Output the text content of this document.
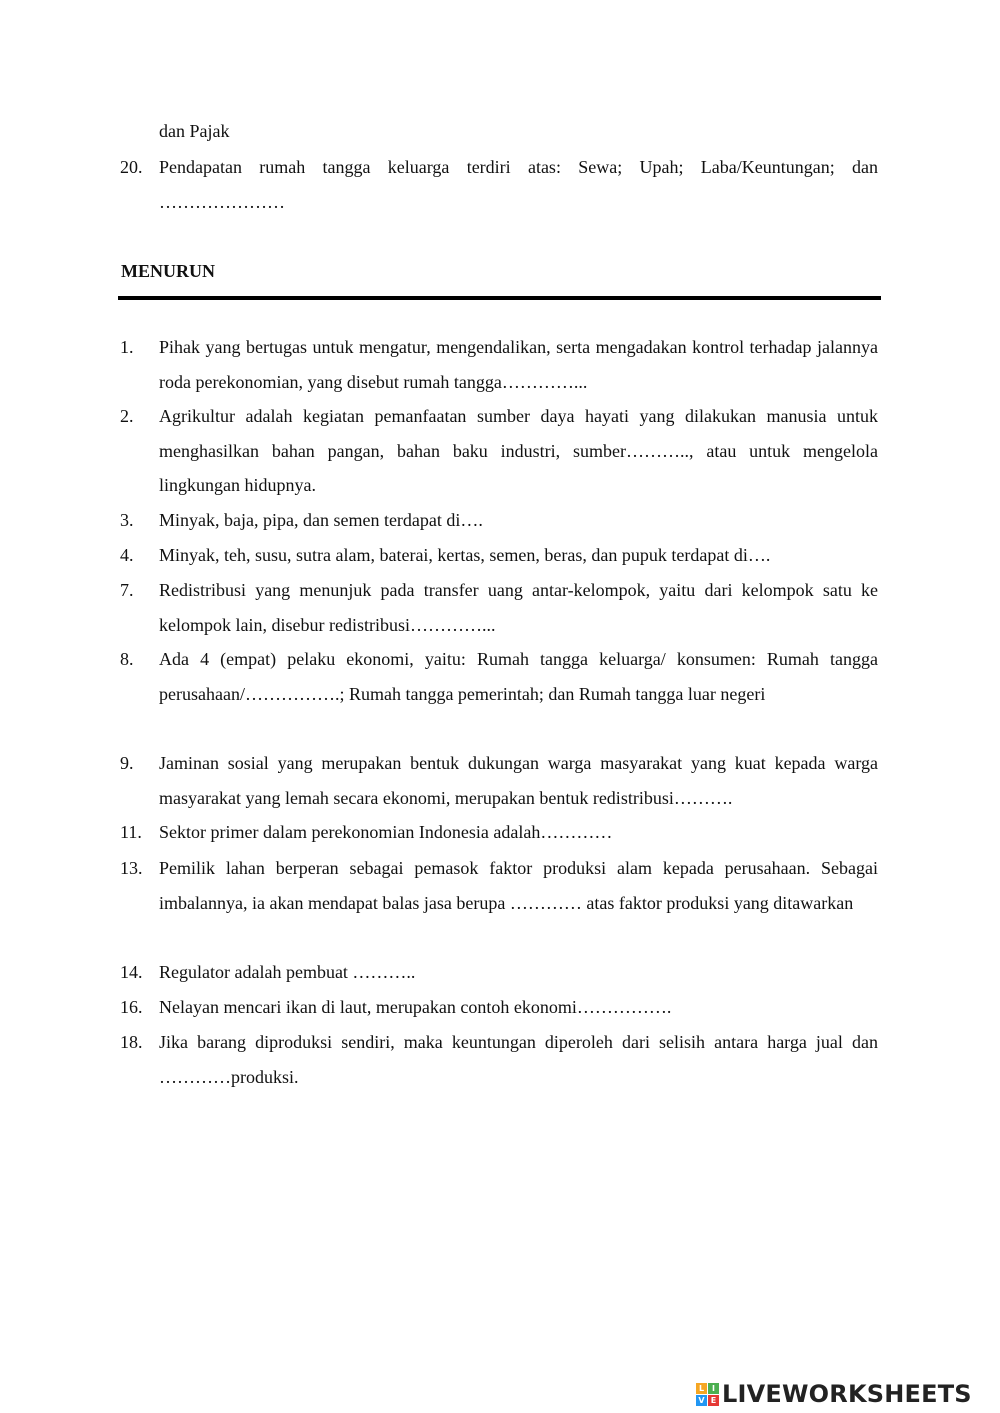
dan Pajak
20. Pendapatan rumah tangga keluarga terdiri atas: Sewa; Upah; Laba/Keuntungan; dan …………………
MENURUN
1.	Pihak yang bertugas untuk mengatur, mengendalikan, serta mengadakan kontrol terhadap jalannya roda perekonomian, yang disebut rumah tangga…………...
2.	Agrikultur adalah kegiatan pemanfaatan sumber daya hayati yang dilakukan manusia untuk menghasilkan bahan pangan, bahan baku industri, sumber……….., atau untuk mengelola lingkungan hidupnya.
3.	Minyak, baja, pipa, dan semen terdapat di….
4.	Minyak, teh, susu, sutra alam, baterai, kertas, semen, beras, dan pupuk terdapat di….
7.	Redistribusi yang menunjuk pada transfer uang antar-kelompok, yaitu dari kelompok satu ke kelompok lain, disebur redistribusi…………...
8.	Ada 4 (empat) pelaku ekonomi, yaitu: Rumah tangga keluarga/ konsumen: Rumah tangga perusahaan/…………….; Rumah tangga pemerintah; dan Rumah tangga luar negeri
9.	Jaminan sosial yang merupakan bentuk dukungan warga masyarakat yang kuat kepada warga masyarakat yang lemah secara ekonomi, merupakan bentuk redistribusi……….
11. Sektor primer dalam perekonomian Indonesia adalah…………
13. Pemilik lahan berperan sebagai pemasok faktor produksi alam kepada perusahaan. Sebagai imbalannya, ia akan mendapat balas jasa berupa ………… atas faktor produksi yang ditawarkan
14. Regulator adalah pembuat ………..
16. Nelayan mencari ikan di laut, merupakan contoh ekonomi…………….
18. Jika barang diproduksi sendiri, maka keuntungan diperoleh dari selisih antara harga jual dan …………produksi.
L I
V E LIVEWORKSHEETS
